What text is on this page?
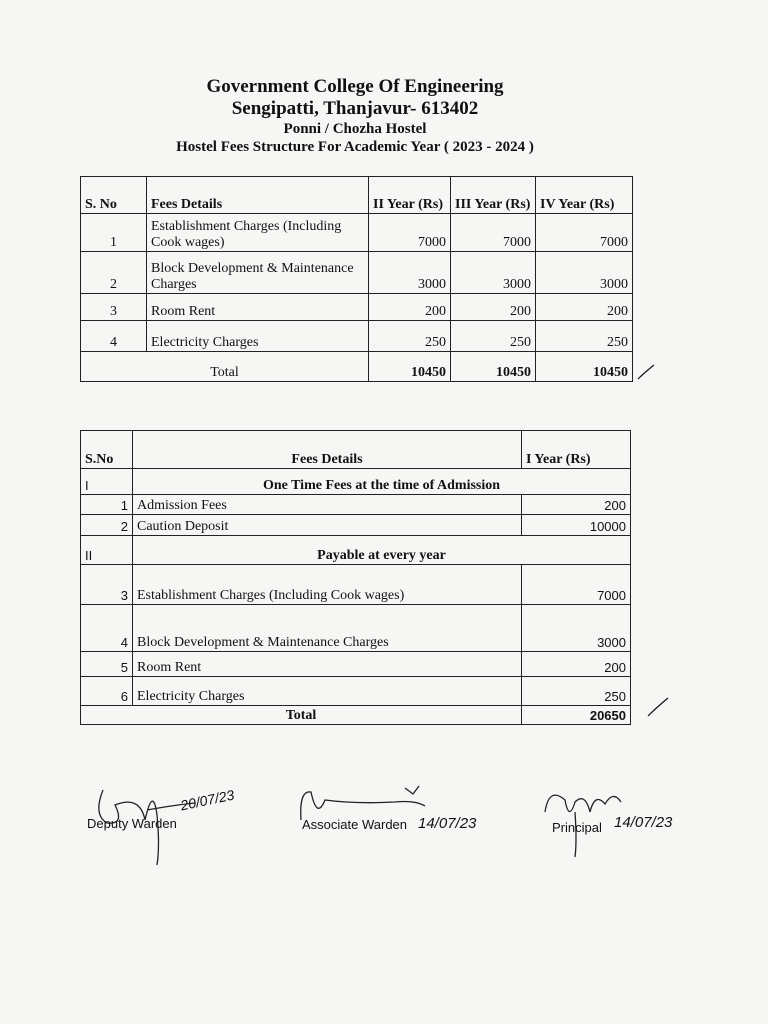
Government College Of Engineering
Sengipatti, Thanjavur- 613402
Ponni / Chozha Hostel
Hostel Fees Structure For Academic Year ( 2023 - 2024 )
S. No	Fees Details	II Year (Rs)	III Year (Rs)	IV Year (Rs)
1	Establishment Charges (Including Cook wages)	7000	7000	7000
2	Block Development & Maintenance Charges	3000	3000	3000
3	Room Rent	200	200	200
4	Electricity Charges	250	250	250
Total		10450	10450	10450
S.No	Fees Details	I Year (Rs)
I	One Time Fees at the time of Admission	
1	Admission Fees	200
2	Caution Deposit	10000
II	Payable at every year	
3	Establishment Charges (Including Cook wages)	7000
4	Block Development & Maintenance Charges	3000
5	Room Rent	200
6	Electricity Charges	250
Total		20650
Deputy Warden
20/07/23
Associate Warden 14/07/23	Principal 14/07/23
